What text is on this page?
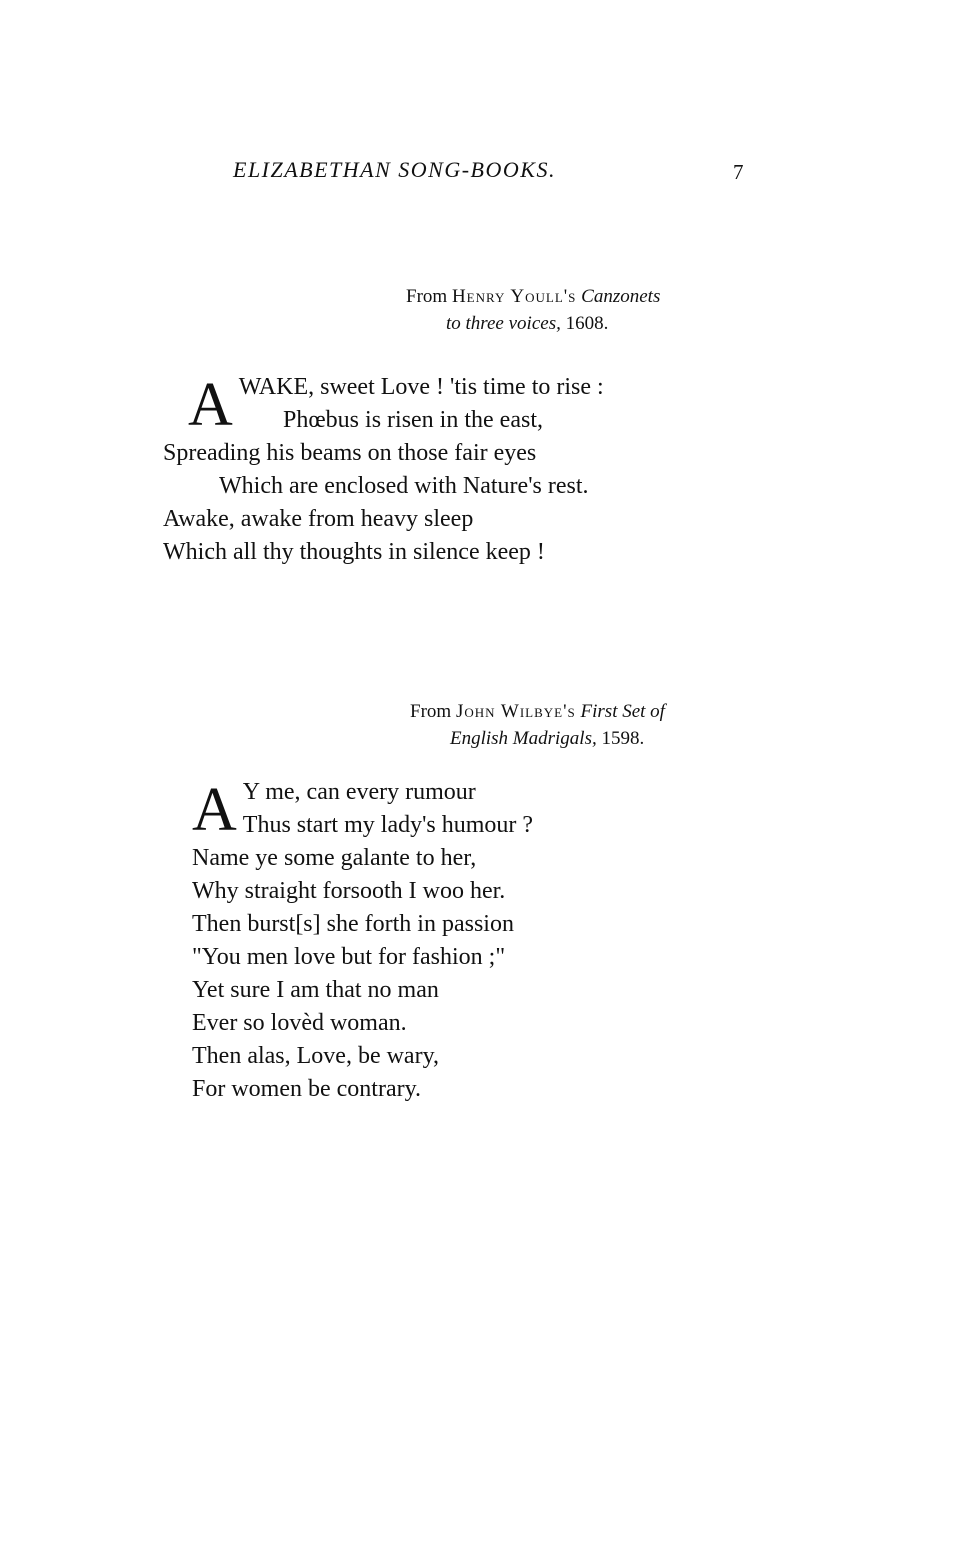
ELIZABETHAN SONG-BOOKS.	7
From Henry Youll's Canzonets
to three voices, 1608.
A WAKE, sweet Love ! 'tis time to rise :
Phœbus is risen in the east,
Spreading his beams on those fair eyes
Which are enclosed with Nature's rest.
Awake, awake from heavy sleep
Which all thy thoughts in silence keep !
From John Wilbye's First Set of
English Madrigals, 1598.
A Y me, can every rumour
Thus start my lady's humour ?
Name ye some galante to her,
Why straight forsooth I woo her.
Then burst[s] she forth in passion
"You men love but for fashion ;"
Yet sure I am that no man
Ever so lovèd woman.
Then alas, Love, be wary,
For women be contrary.
